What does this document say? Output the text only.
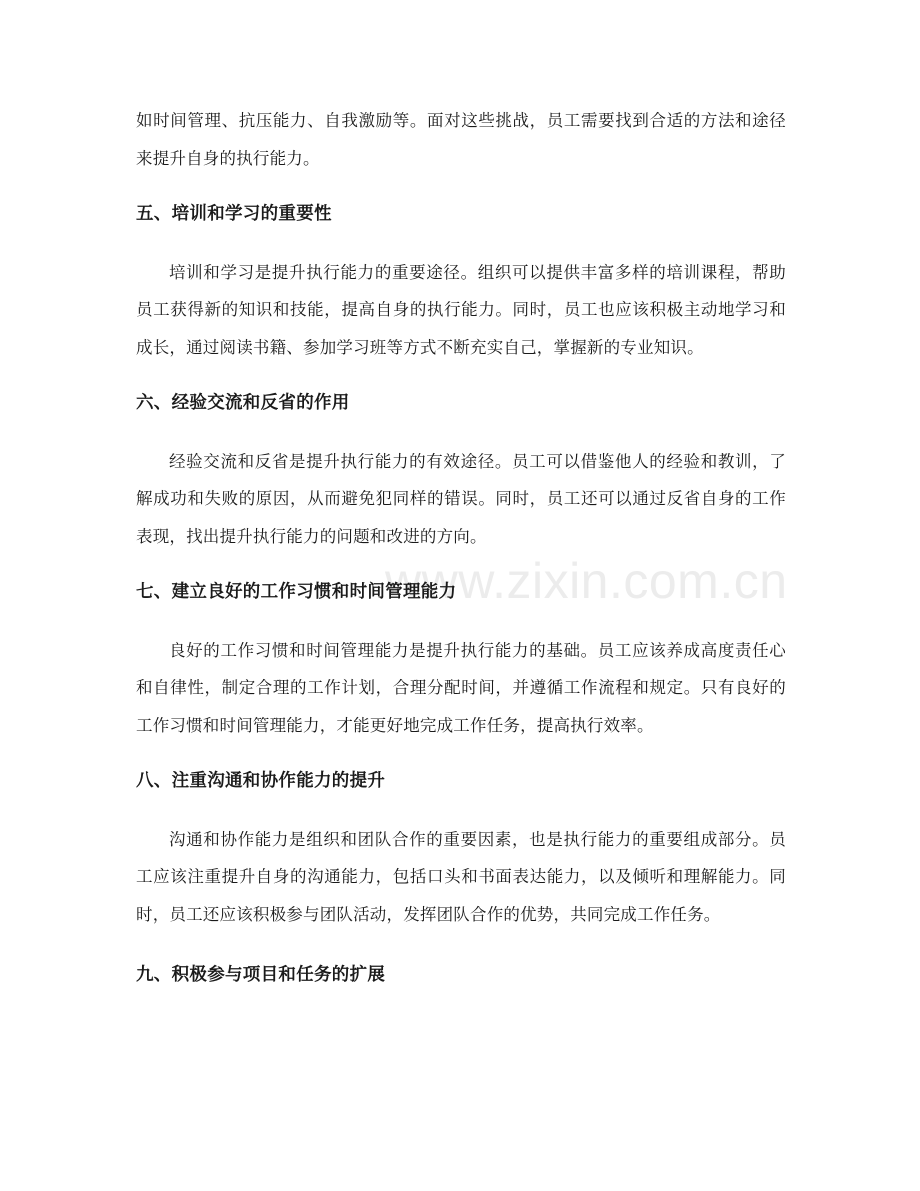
www.zixin.com.cn

如时间管理、抗压能力、自我激励等。面对这些挑战，员工需要找到合适的方法和途径来提升自身的执行能力。

五、培训和学习的重要性

培训和学习是提升执行能力的重要途径。组织可以提供丰富多样的培训课程，帮助员工获得新的知识和技能，提高自身的执行能力。同时，员工也应该积极主动地学习和成长，通过阅读书籍、参加学习班等方式不断充实自己，掌握新的专业知识。

六、经验交流和反省的作用

经验交流和反省是提升执行能力的有效途径。员工可以借鉴他人的经验和教训，了解成功和失败的原因，从而避免犯同样的错误。同时，员工还可以通过反省自身的工作表现，找出提升执行能力的问题和改进的方向。

七、建立良好的工作习惯和时间管理能力

良好的工作习惯和时间管理能力是提升执行能力的基础。员工应该养成高度责任心和自律性，制定合理的工作计划，合理分配时间，并遵循工作流程和规定。只有良好的工作习惯和时间管理能力，才能更好地完成工作任务，提高执行效率。

八、注重沟通和协作能力的提升

沟通和协作能力是组织和团队合作的重要因素，也是执行能力的重要组成部分。员工应该注重提升自身的沟通能力，包括口头和书面表达能力，以及倾听和理解能力。同时，员工还应该积极参与团队活动，发挥团队合作的优势，共同完成工作任务。

九、积极参与项目和任务的扩展
